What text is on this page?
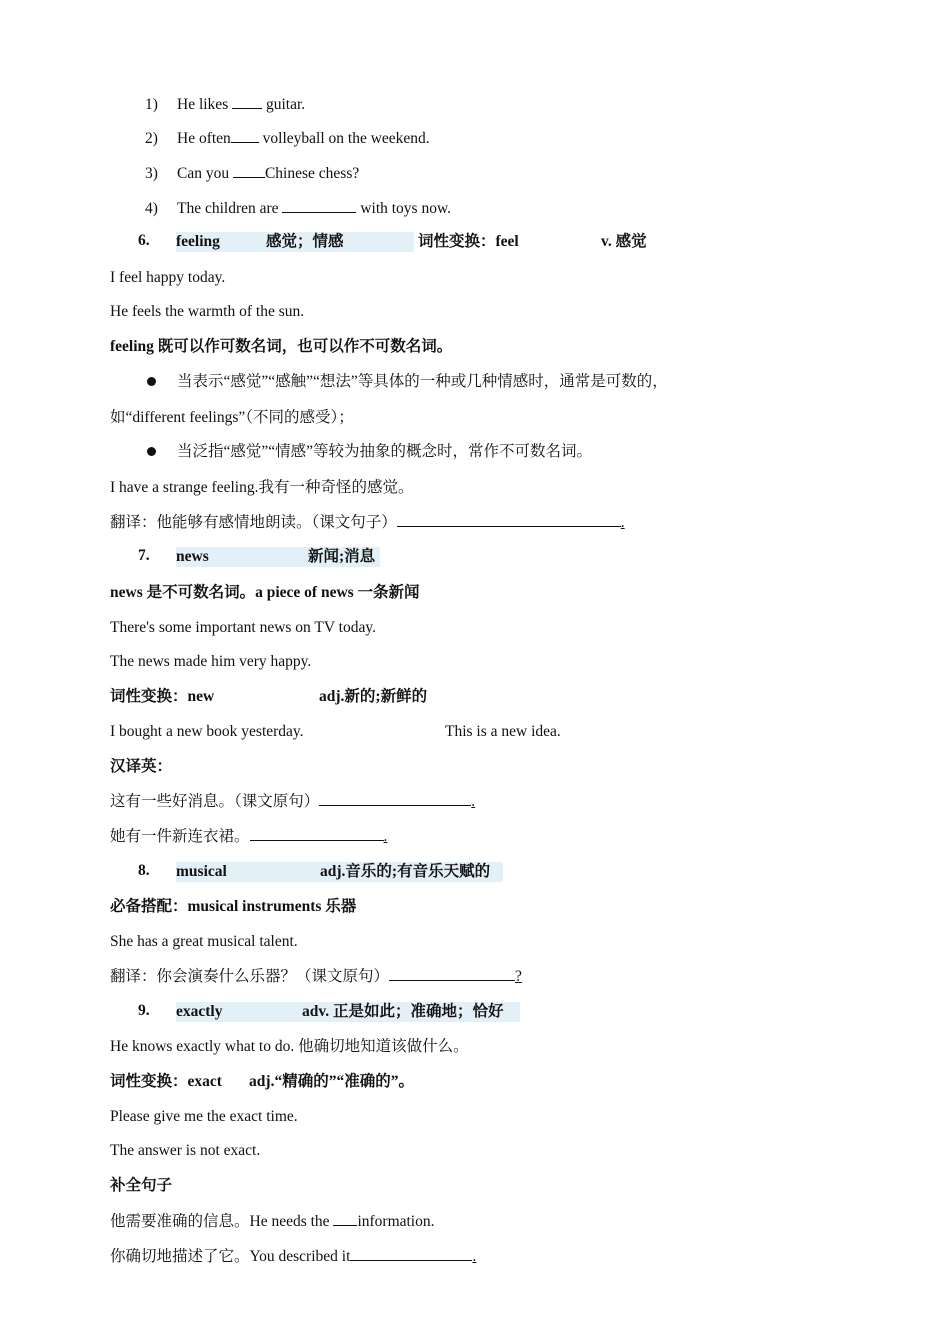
1) He likes  guitar.
2) He often volleyball on the weekend.
3) Can you Chinese chess?
4) The children are	with toys now.
6. feeling	感觉；情感	词性变换：feel	v. 感觉
I feel happy today.
He feels the warmth of the sun.
feeling 既可以作可数名词，也可以作不可数名词。
当表示“感觉”“感触”“想法”等具体的一种或几种情感时，通常是可数的，
如“different feelings”（不同的感受）；
当泛指“感觉”“情感”等较为抽象的概念时，常作不可数名词。
I have a strange feeling.我有一种奇怪的感觉。
翻译：他能够有感情地朗读。（课文句子）	.
7. news	新闻;消息
news 是不可数名词。a piece of news 一条新闻
There's some important news on TV today.
The news made him very happy.
词性变换：new	adj.新的;新鲜的
I bought a new book yesterday.	This is a new idea.
汉译英：
这有一些好消息。（课文原句）	.
她有一件新连衣裙。	.
8. musical	adj.音乐的;有音乐天赋的
必备搭配：musical instruments 乐器
She has a great musical talent.
翻译：你会演奏什么乐器？（课文原句）	?
9. exactly	adv. 正是如此；准确地；恰好
He knows exactly what to do. 他确切地知道该做什么。
词性变换：exact       adj.“精确的”“准确的”。
Please give me the exact time.
The answer is not exact.
补全句子
他需要准确的信息。He needs the information.
你确切地描述了它。You described it	.
